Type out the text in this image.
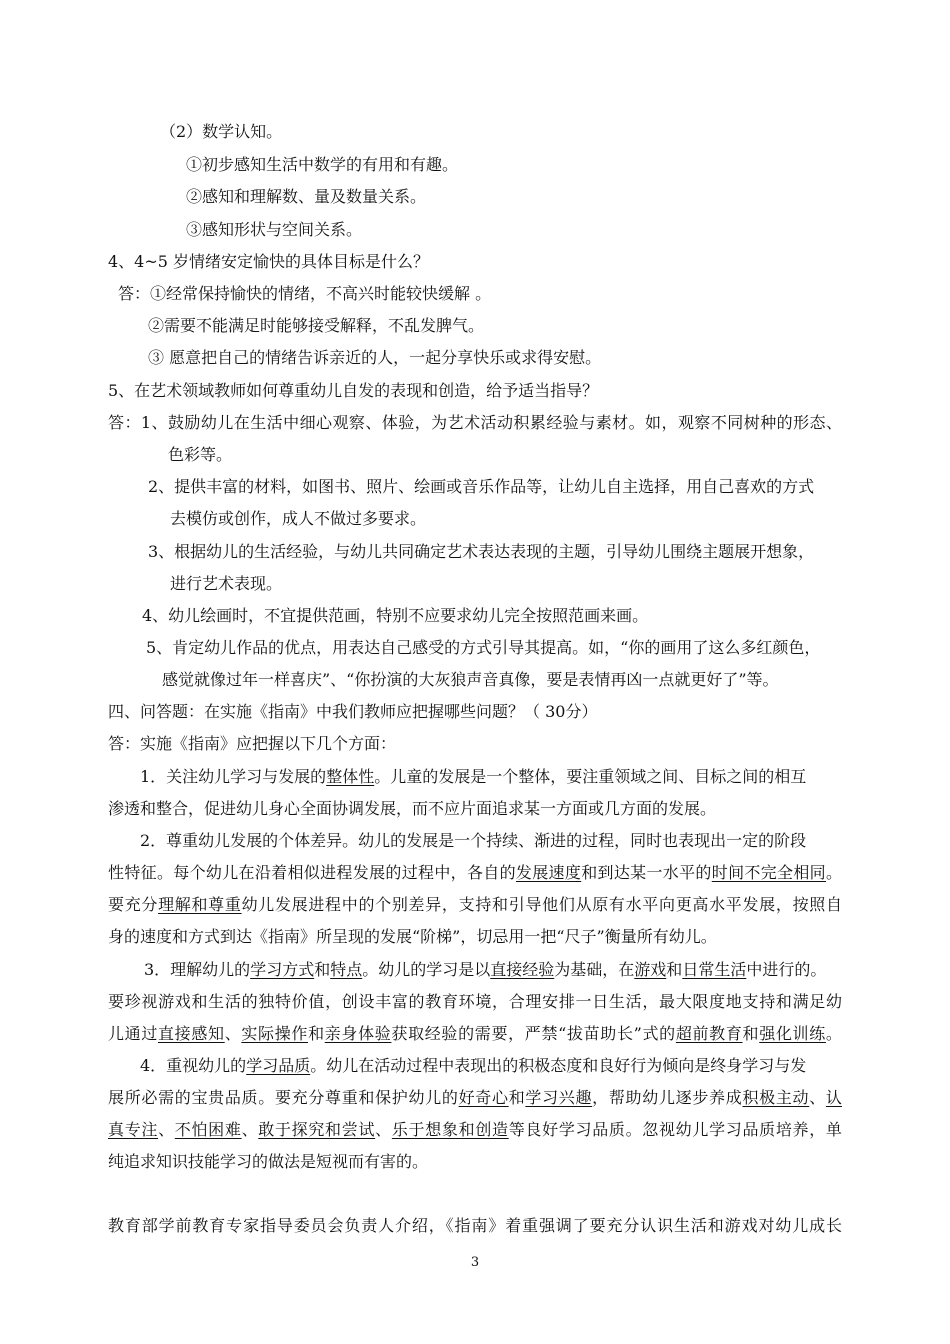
（2）数学认知。
①初步感知生活中数学的有用和有趣。
②感知和理解数、量及数量关系。
③感知形状与空间关系。
4、4~5 岁情绪安定愉快的具体目标是什么？
答：①经常保持愉快的情绪，不高兴时能较快缓解 。
②需要不能满足时能够接受解释，不乱发脾气。
③ 愿意把自己的情绪告诉亲近的人，一起分享快乐或求得安慰。
5、在艺术领域教师如何尊重幼儿自发的表现和创造，给予适当指导？
答：1、鼓励幼儿在生活中细心观察、体验，为艺术活动积累经验与素材。如，观察不同树种的形态、
色彩等。
2、提供丰富的材料，如图书、照片、绘画或音乐作品等，让幼儿自主选择，用自己喜欢的方式
去模仿或创作，成人不做过多要求。
3、根据幼儿的生活经验，与幼儿共同确定艺术表达表现的主题，引导幼儿围绕主题展开想象，
进行艺术表现。
4、幼儿绘画时，不宜提供范画，特别不应要求幼儿完全按照范画来画。
5、肯定幼儿作品的优点，用表达自己感受的方式引导其提高。如，“你的画用了这么多红颜色，
感觉就像过年一样喜庆”、“你扮演的大灰狼声音真像，要是表情再凶一点就更好了”等。
四、问答题：在实施《指南》中我们教师应把握哪些问题？（ 30分）
答：实施《指南》应把握以下几个方面：
1．关注幼儿学习与发展的整体性。儿童的发展是一个整体，要注重领域之间、目标之间的相互
渗透和整合，促进幼儿身心全面协调发展，而不应片面追求某一方面或几方面的发展。
2．尊重幼儿发展的个体差异。幼儿的发展是一个持续、渐进的过程，同时也表现出一定的阶段
性特征。每个幼儿在沿着相似进程发展的过程中，各自的发展速度和到达某一水平的时间不完全相同。
要充分理解和尊重幼儿发展进程中的个别差异，支持和引导他们从原有水平向更高水平发展，按照自
身的速度和方式到达《指南》所呈现的发展“阶梯”，切忌用一把“尺子”衡量所有幼儿。
3．理解幼儿的学习方式和特点。幼儿的学习是以直接经验为基础，在游戏和日常生活中进行的。
要珍视游戏和生活的独特价值，创设丰富的教育环境，合理安排一日生活，最大限度地支持和满足幼
儿通过直接感知、实际操作和亲身体验获取经验的需要，严禁“拔苗助长”式的超前教育和强化训练。
4．重视幼儿的学习品质。幼儿在活动过程中表现出的积极态度和良好行为倾向是终身学习与发
展所必需的宝贵品质。要充分尊重和保护幼儿的好奇心和学习兴趣，帮助幼儿逐步养成积极主动、认
真专注、不怕困难、敢于探究和尝试、乐于想象和创造等良好学习品质。忽视幼儿学习品质培养，单
纯追求知识技能学习的做法是短视而有害的。
教育部学前教育专家指导委员会负责人介绍，《指南》着重强调了要充分认识生活和游戏对幼儿成长
3
